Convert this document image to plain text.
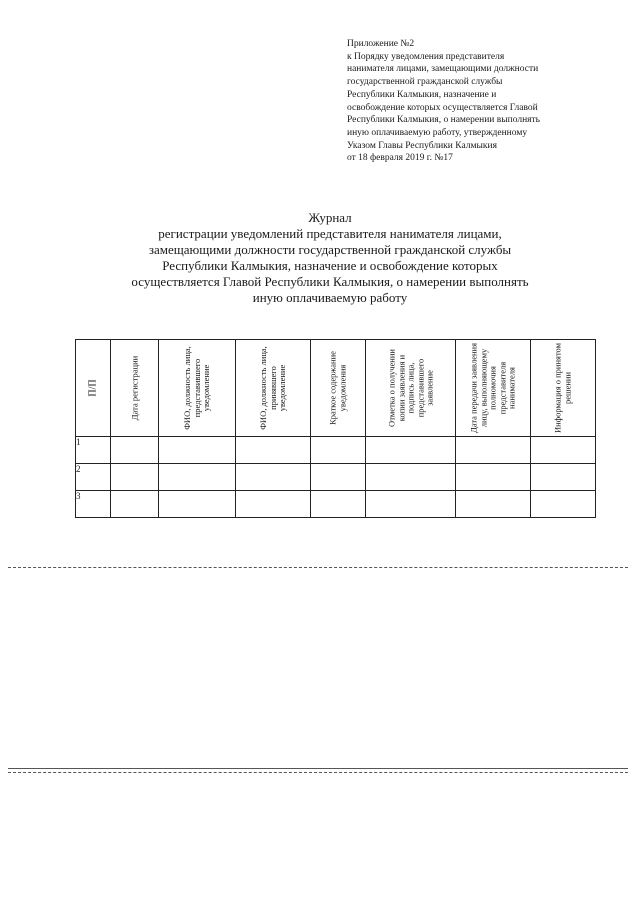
Приложение №2
к Порядку уведомления представителя
нанимателя лицами, замещающими должности
государственной гражданской службы
Республики Калмыкия, назначение и
освобождение которых осуществляется Главой
Республики Калмыкия, о намерении выполнять
иную оплачиваемую работу, утвержденному
Указом Главы Республики Калмыкия
от 18 февраля 2019 г. №17
Журнал
регистрации уведомлений представителя нанимателя лицами,
замещающими должности государственной гражданской службы
Республики Калмыкия, назначение и освобождение которых
осуществляется Главой Республики Калмыкия, о намерении выполнять
иную оплачиваемую работу
П/П	Дата регистрации	ФИО, должность лица, представившего уведомление	ФИО, должность лица, принявшего уведомление	Краткое содержание уведомления	Отметка о получении копии заявления и подпись лица, представившего заявление	Дата передачи заявления лицу, выполняющему полномочия представителя нанимателя	Информация о принятом решении

1							
2							
3							
